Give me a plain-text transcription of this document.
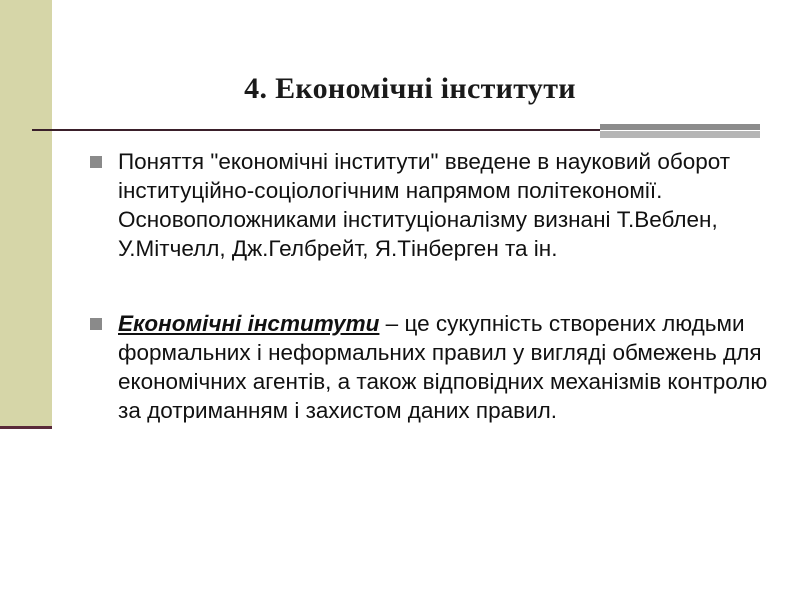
4. Економічні інститути
Поняття "економічні інститути" введене в науковий оборот інституційно-соціологічним напрямом політекономії. Основоположниками інституціоналізму визнані Т.Веблен, У.Мітчелл, Дж.Гелбрейт, Я.Тінберген та ін.
Економічні інститути – це сукупність створених людьми формальних і неформальних правил у вигляді обмежень для економічних агентів, а також відповідних механізмів контролю за дотриманням і захистом даних правил.
